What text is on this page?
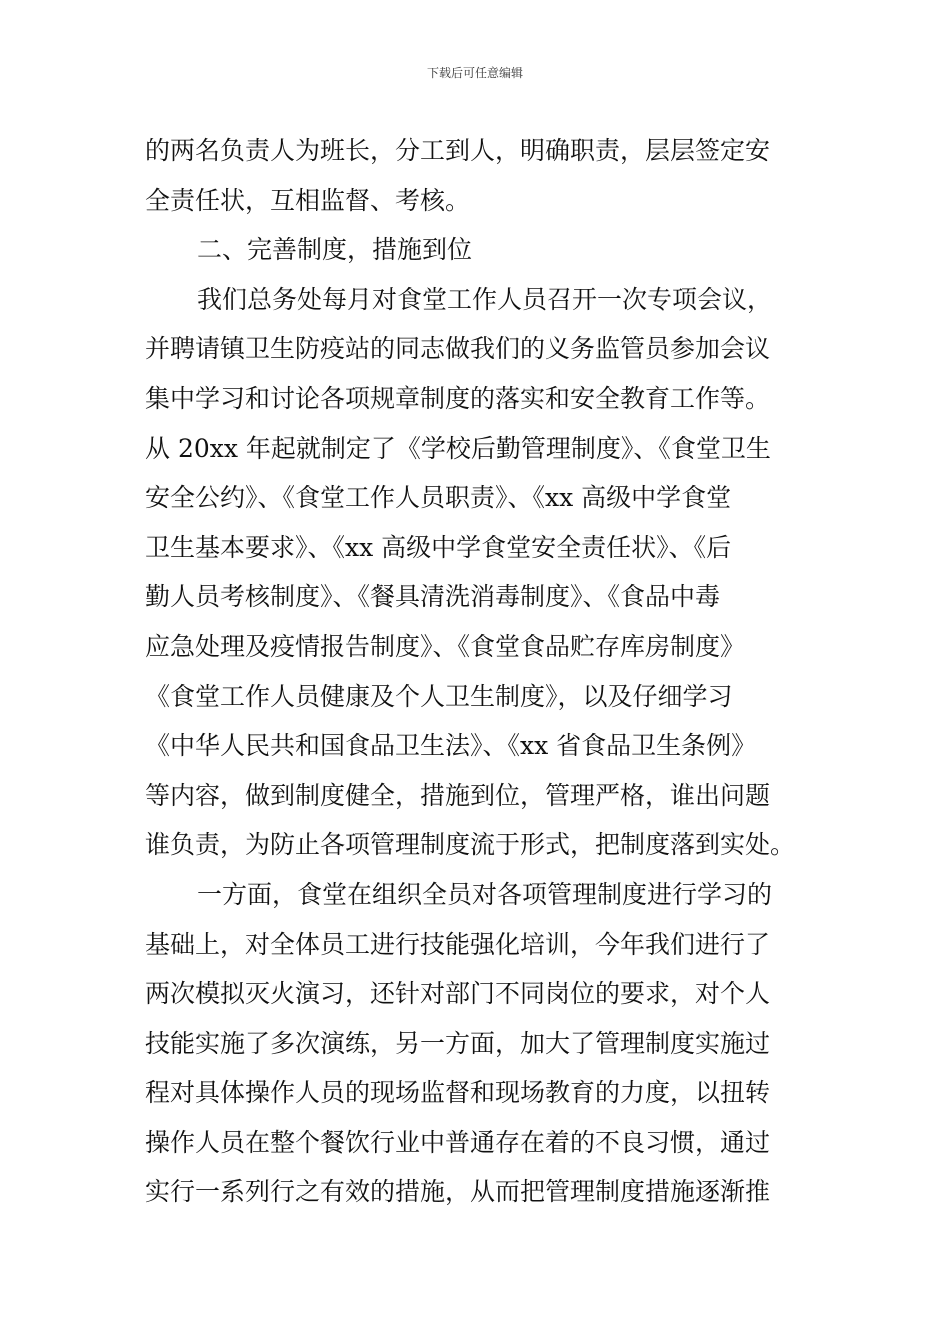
下载后可任意编辑
的两名负责人为班长，分工到人，明确职责，层层签定安
全责任状，互相监督、考核。
二、完善制度，措施到位
我们总务处每月对食堂工作人员召开一次专项会议，
并聘请镇卫生防疫站的同志做我们的义务监管员参加会议
集中学习和讨论各项规章制度的落实和安全教育工作等。
从 20xx 年起就制定了《学校后勤管理制度》、《食堂卫生
安全公约》、《食堂工作人员职责》、《xx 高级中学食堂
卫生基本要求》、《xx 高级中学食堂安全责任状》、《后
勤人员考核制度》、《餐具清洗消毒制度》、《食品中毒
应急处理及疫情报告制度》、《食堂食品贮存库房制度》
《食堂工作人员健康及个人卫生制度》，以及仔细学习
《中华人民共和国食品卫生法》、《xx 省食品卫生条例》
等内容，做到制度健全，措施到位，管理严格，谁出问题
谁负责，为防止各项管理制度流于形式，把制度落到实处。
一方面，食堂在组织全员对各项管理制度进行学习的
基础上，对全体员工进行技能强化培训，今年我们进行了
两次模拟灭火演习，还针对部门不同岗位的要求，对个人
技能实施了多次演练，另一方面，加大了管理制度实施过
程对具体操作人员的现场监督和现场教育的力度，以扭转
操作人员在整个餐饮行业中普通存在着的不良习惯，通过
实行一系列行之有效的措施，从而把管理制度措施逐渐推
